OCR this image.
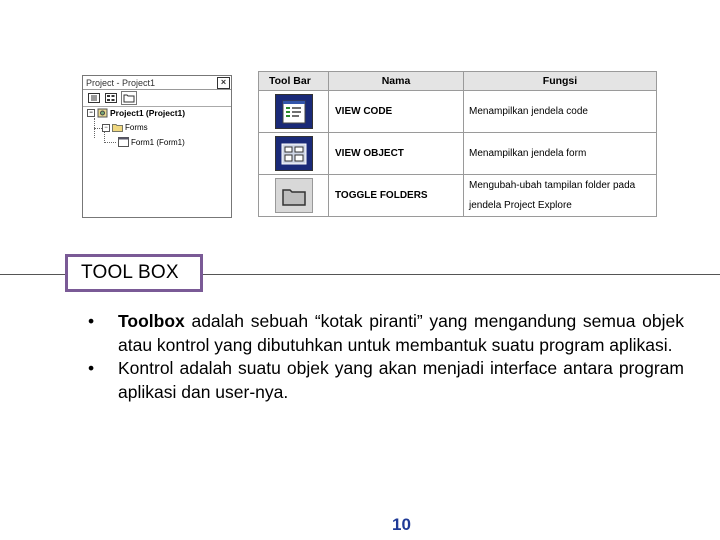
Project - Project1	×
− Project1 (Project1)
− Forms
Form1 (Form1)
Tool Bar	Nama	Fungsi

	VIEW CODE	Menampilkan jendela code

	VIEW OBJECT	Menampilkan jendela form

	TOGGLE FOLDERS	Mengubah-ubah tampilan folder pada jendela Project Explore
TOOL BOX
•	Toolbox adalah sebuah “kotak piranti” yang mengandung semua objek atau kontrol yang dibutuhkan untuk membantuk suatu program aplikasi.
•	Kontrol adalah suatu objek yang akan menjadi interface antara program aplikasi dan user-nya.
10
